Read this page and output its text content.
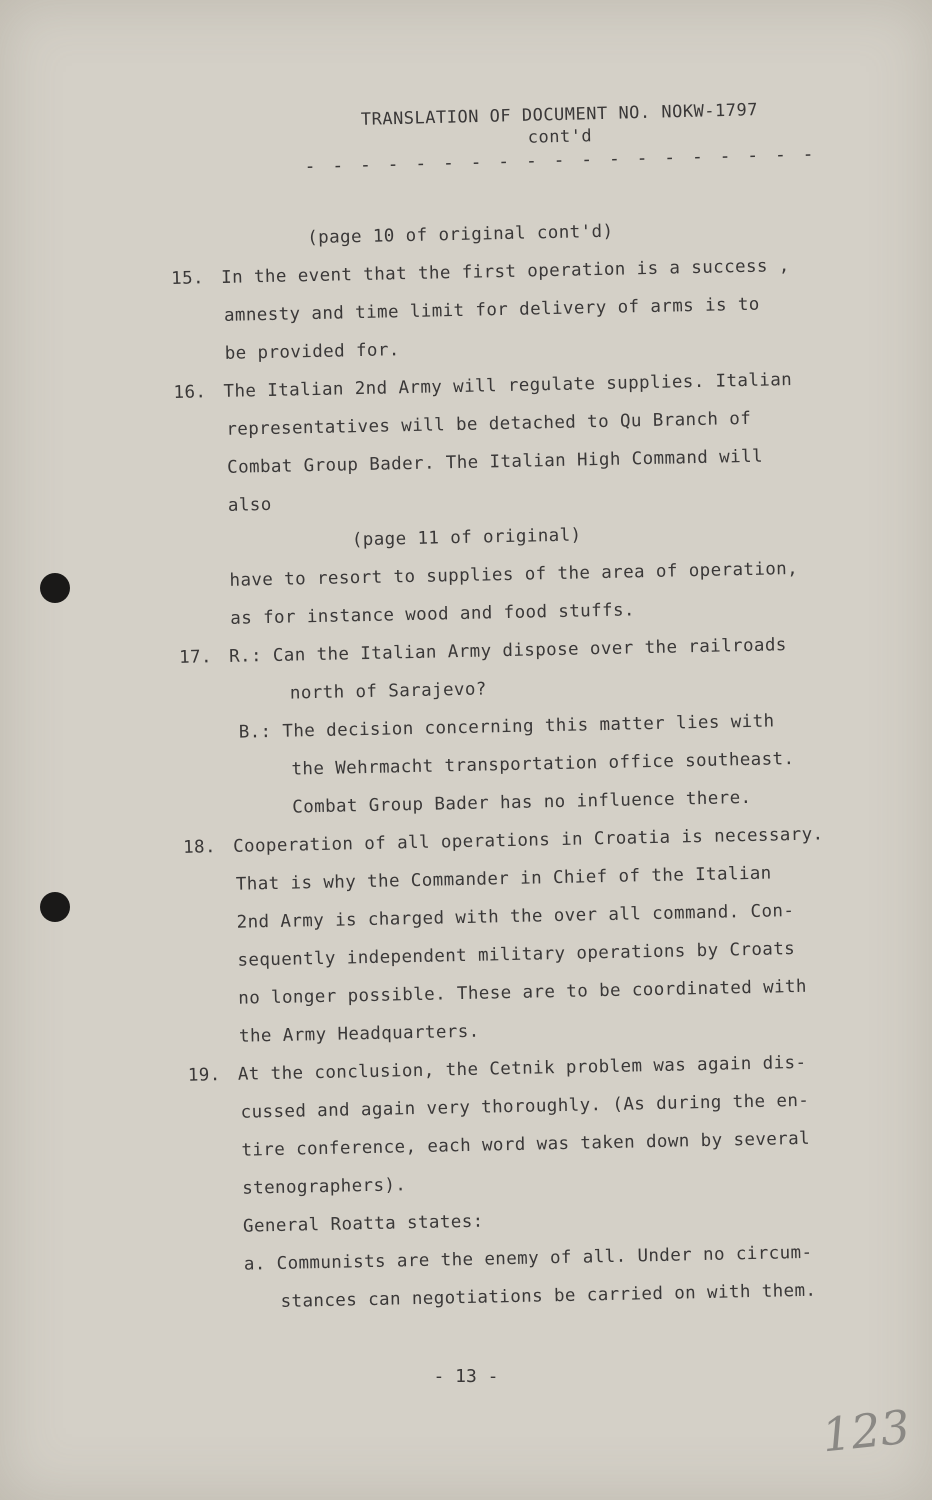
TRANSLATION OF DOCUMENT NO. NOKW-1797
cont'd
- - - - - - - - - - - - - - - - - - -
(page 10 of original cont'd)
15. In the event that the first operation is a success ,
amnesty and time limit for delivery of arms is to
be provided for.
16. The Italian 2nd Army will regulate supplies. Italian
representatives will be detached to Qu Branch of
Combat Group Bader. The Italian High Command will
also
(page 11 of original)
have to resort to supplies of the area of operation,
as for instance wood and food stuffs.
17. R.: Can the Italian Army dispose over the railroads
north of Sarajevo?
B.: The decision concerning this matter lies with
the Wehrmacht transportation office southeast.
Combat Group Bader has no influence there.
18. Cooperation of all operations in Croatia is necessary.
That is why the Commander in Chief of the Italian
2nd Army is charged with the over all command. Con-
sequently independent military operations by Croats
no longer possible. These are to be coordinated with
the Army Headquarters.
19. At the conclusion, the Cetnik problem was again dis-
cussed and again very thoroughly. (As during the en-
tire conference, each word was taken down by several
stenographers).
General Roatta states:
a. Communists are the enemy of all. Under no circum-
stances can negotiations be carried on with them.
- 13 -
123
